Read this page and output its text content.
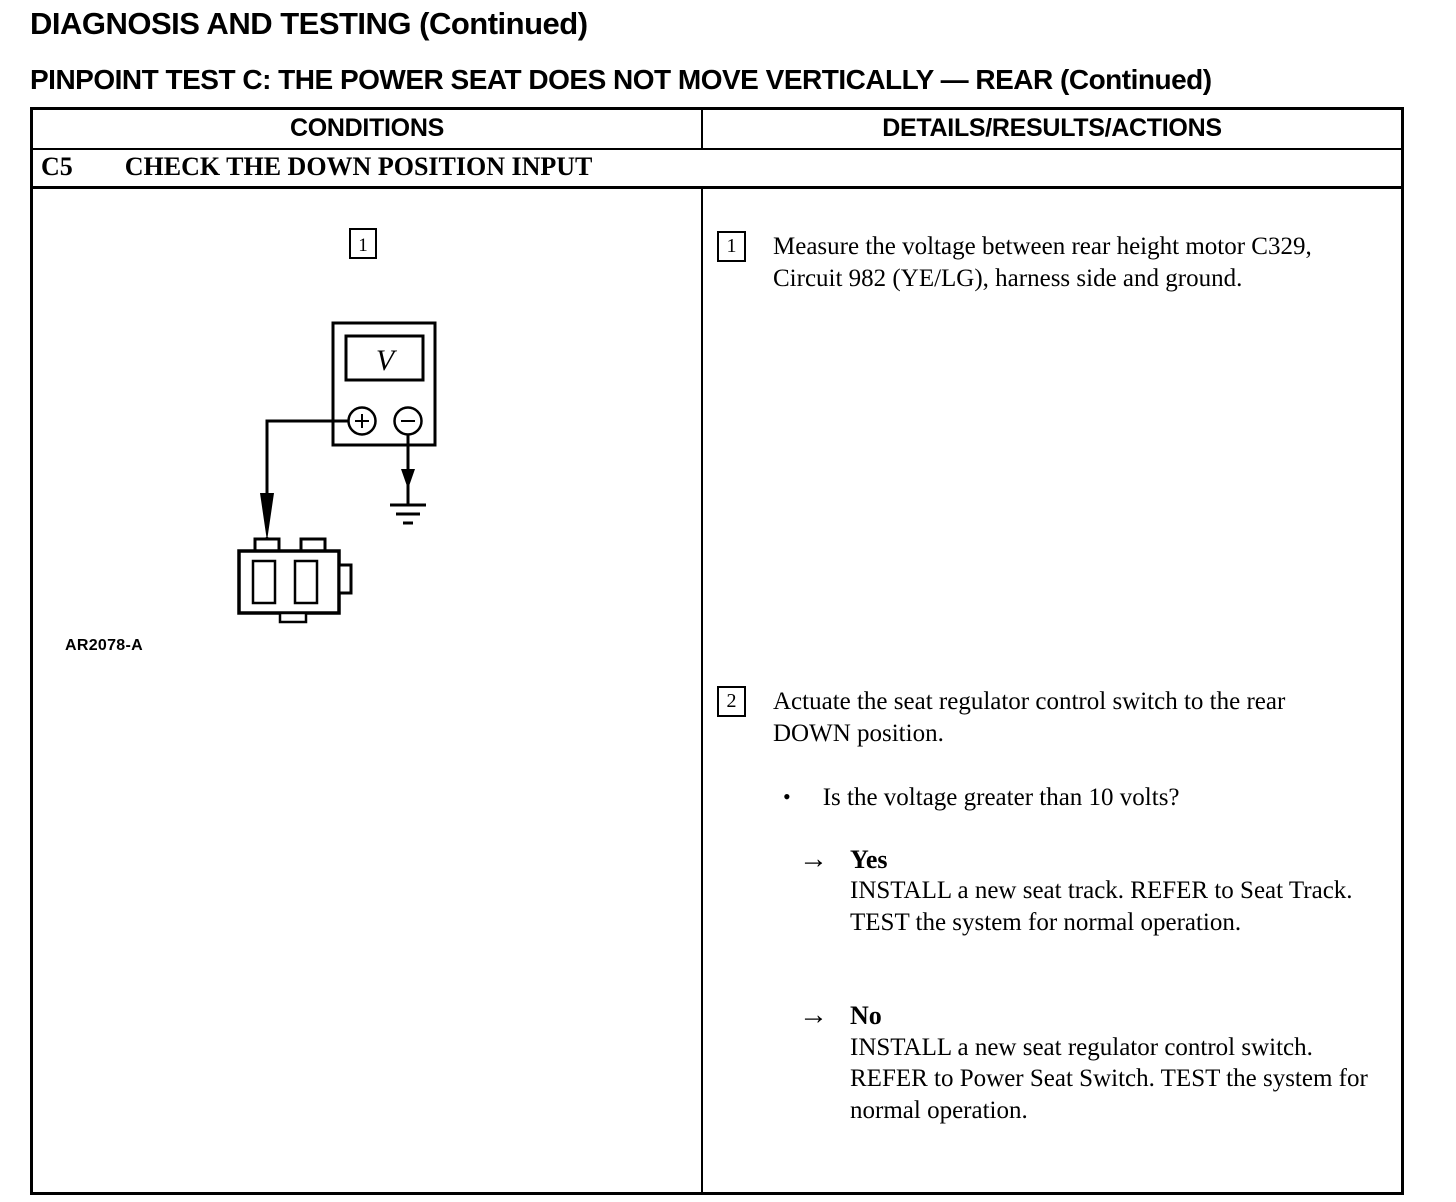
DIAGNOSIS AND TESTING (Continued)
PINPOINT TEST C: THE POWER SEAT DOES NOT MOVE VERTICALLY — REAR (Continued)
CONDITIONS	DETAILS/RESULTS/ACTIONS
C5 CHECK THE DOWN POSITION INPUT
1
V
AR2078-A
1	Measure the voltage between rear height motor C329, Circuit 982 (YE/LG), harness side and ground.
2	Actuate the seat regulator control switch to the rear DOWN position.
• Is the voltage greater than 10 volts?
→ Yes
INSTALL a new seat track. REFER to Seat Track. TEST the system for normal operation.
→ No
INSTALL a new seat regulator control switch. REFER to Power Seat Switch. TEST the system for normal operation.
